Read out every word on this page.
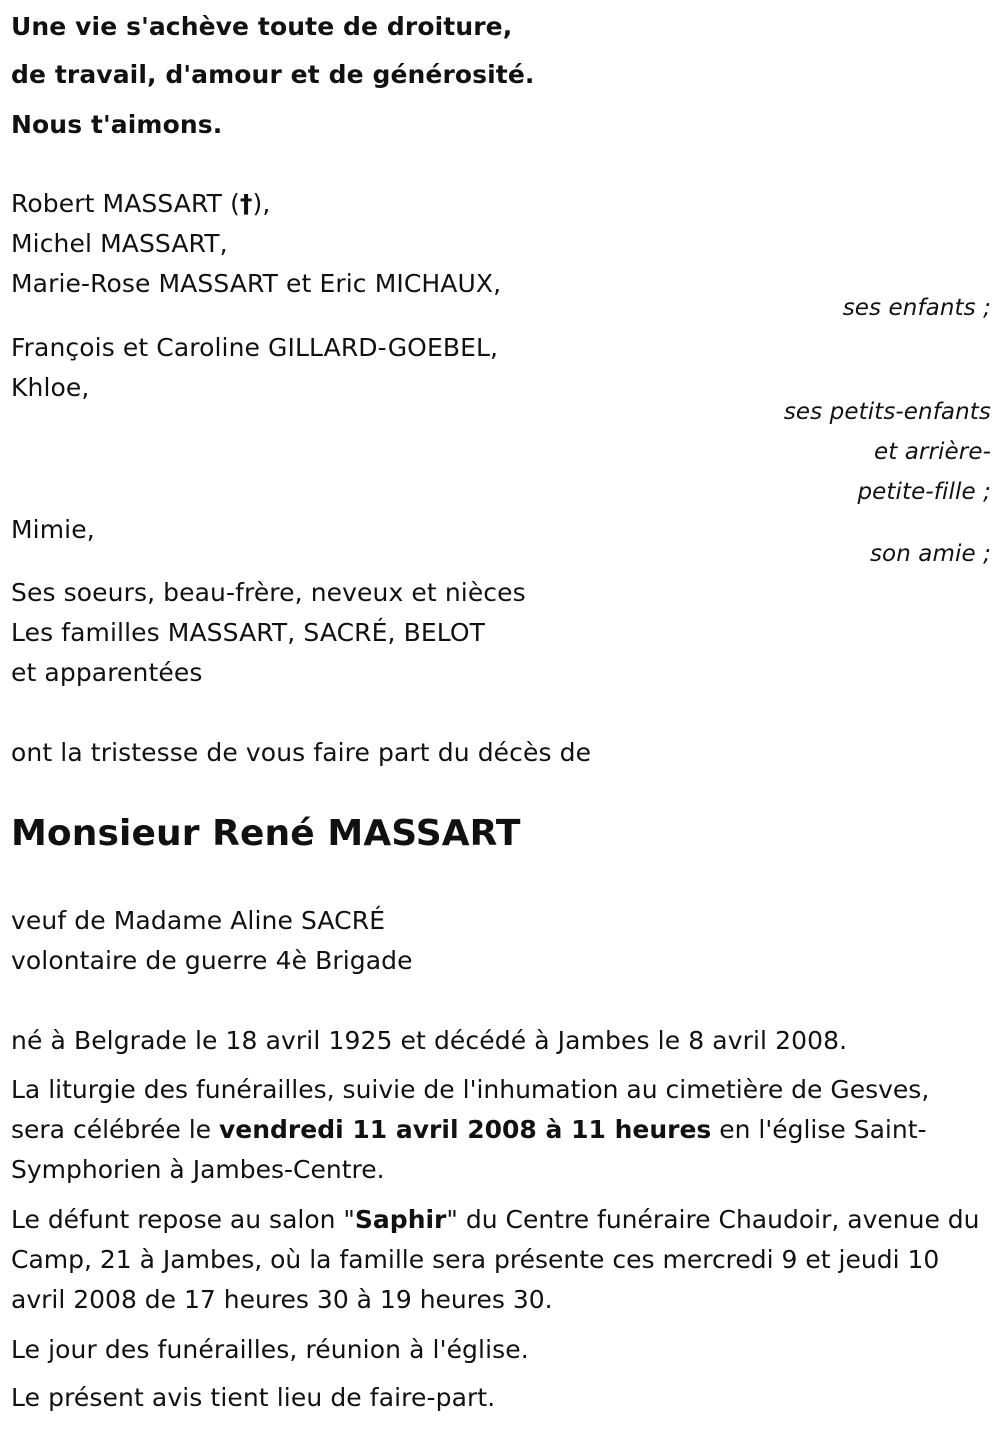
Une vie s'achève toute de droiture,
de travail, d'amour et de générosité.
Nous t'aimons.
Robert MASSART (†),
Michel MASSART,
Marie-Rose MASSART et Eric MICHAUX,
ses enfants ;
François et Caroline GILLARD-GOEBEL,
Khloe,
ses petits-enfants
et arrière-
petite-fille ;
Mimie,
son amie ;
Ses soeurs, beau-frère, neveux et nièces
Les familles MASSART, SACRÉ, BELOT
et apparentées
ont la tristesse de vous faire part du décès de
Monsieur René MASSART
veuf de Madame Aline SACRÉ
volontaire de guerre 4è Brigade
né à Belgrade le 18 avril 1925 et décédé à Jambes le 8 avril 2008.
La liturgie des funérailles, suivie de l'inhumation au cimetière de Gesves, sera célébrée le vendredi 11 avril 2008 à 11 heures en l'église Saint-Symphorien à Jambes-Centre.
Le défunt repose au salon "Saphir" du Centre funéraire Chaudoir, avenue du Camp, 21 à Jambes, où la famille sera présente ces mercredi 9 et jeudi 10 avril 2008 de 17 heures 30 à 19 heures 30.
Le jour des funérailles, réunion à l'église.
Le présent avis tient lieu de faire-part.
